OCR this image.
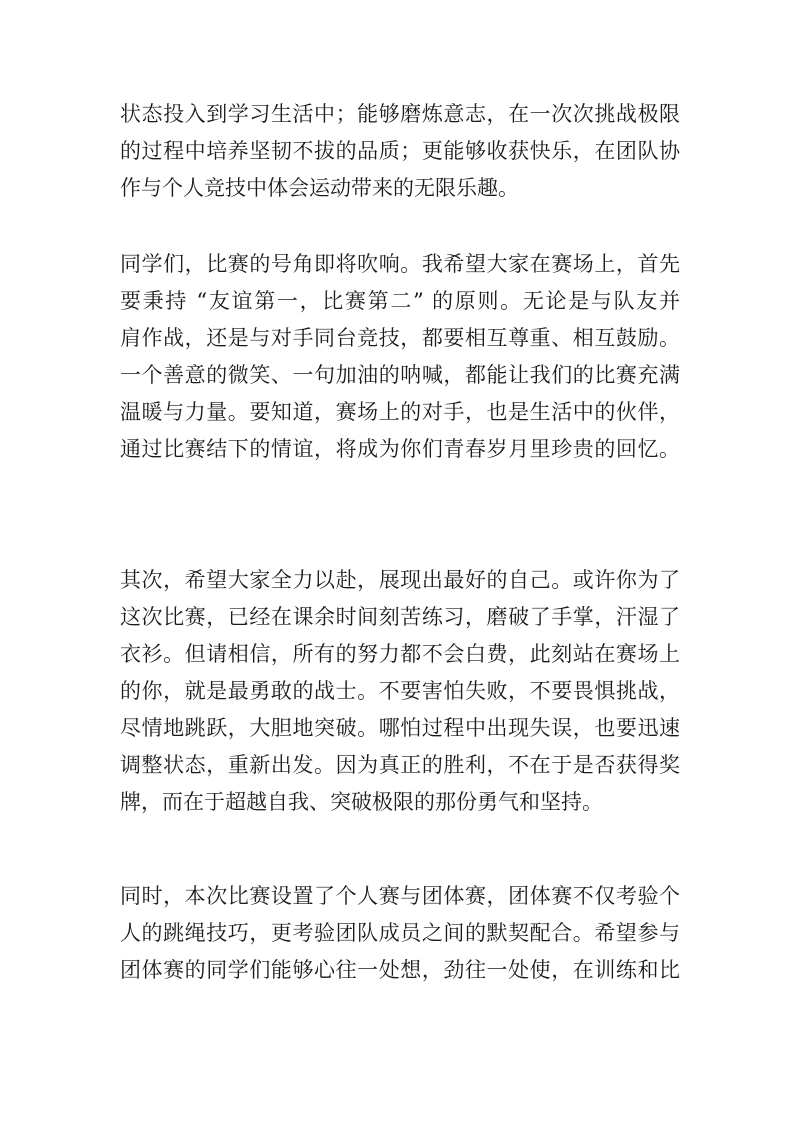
状态投入到学习生活中；能够磨炼意志，在一次次挑战极限
的过程中培养坚韧不拔的品质；更能够收获快乐，在团队协
作与个人竞技中体会运动带来的无限乐趣。

同学们，比赛的号角即将吹响。我希望大家在赛场上，首先
要秉持 “友谊第一，比赛第二” 的原则。无论是与队友并
肩作战，还是与对手同台竞技，都要相互尊重、相互鼓励。
一个善意的微笑、一句加油的呐喊，都能让我们的比赛充满
温暖与力量。要知道，赛场上的对手，也是生活中的伙伴，
通过比赛结下的情谊，将成为你们青春岁月里珍贵的回忆。

其次，希望大家全力以赴，展现出最好的自己。或许你为了
这次比赛，已经在课余时间刻苦练习，磨破了手掌，汗湿了
衣衫。但请相信，所有的努力都不会白费，此刻站在赛场上
的你，就是最勇敢的战士。不要害怕失败，不要畏惧挑战，
尽情地跳跃，大胆地突破。哪怕过程中出现失误，也要迅速
调整状态，重新出发。因为真正的胜利，不在于是否获得奖
牌，而在于超越自我、突破极限的那份勇气和坚持。

同时，本次比赛设置了个人赛与团体赛，团体赛不仅考验个
人的跳绳技巧，更考验团队成员之间的默契配合。希望参与
团体赛的同学们能够心往一处想，劲往一处使，在训练和比
